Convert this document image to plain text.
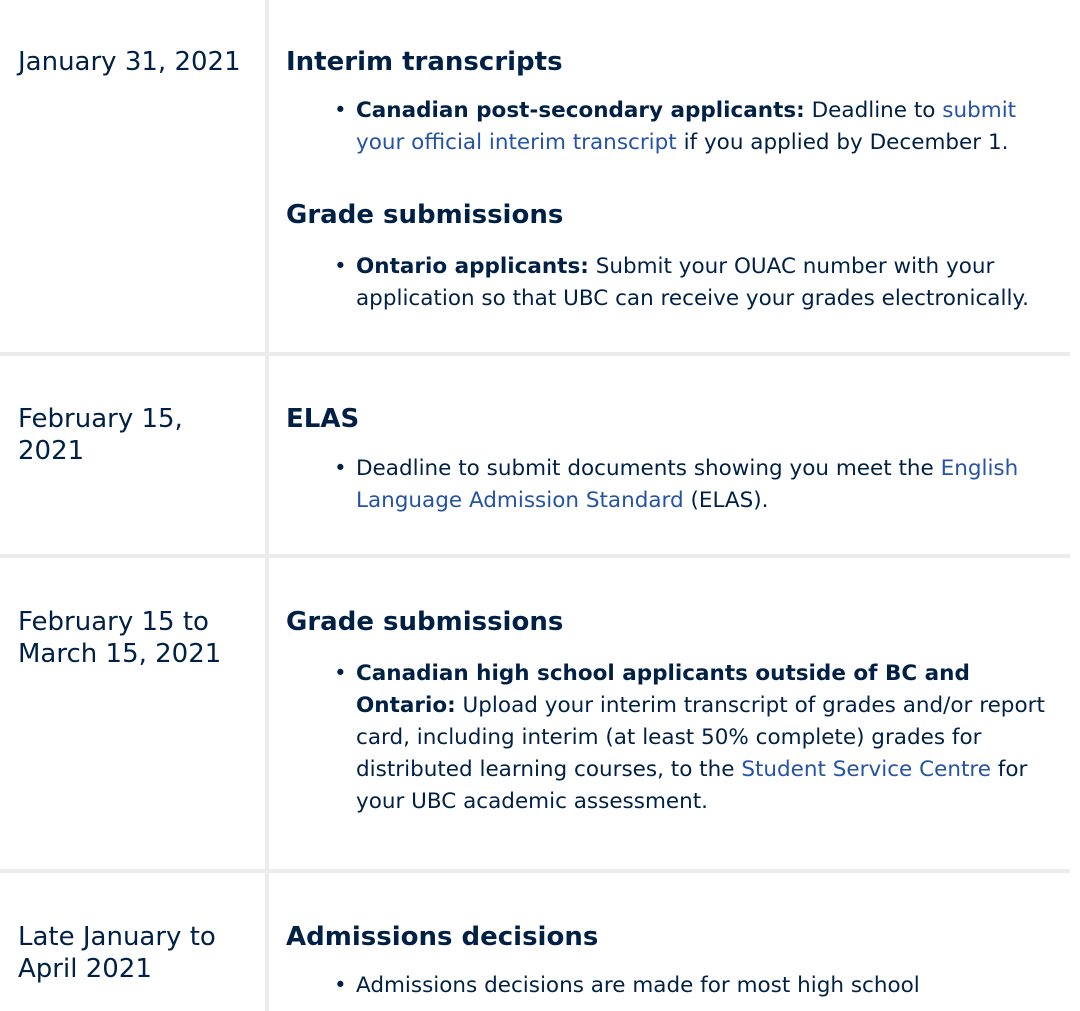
January 31, 2021 Interim transcripts
• Canadian post-secondary applicants: Deadline to submit your official interim transcript if you applied by December 1.
Grade submissions
• Ontario applicants: Submit your OUAC number with your application so that UBC can receive your grades electronically.
February 15, 2021
ELAS
• Deadline to submit documents showing you meet the English Language Admission Standard (ELAS).
February 15 to March 15, 2021
Grade submissions
• Canadian high school applicants outside of BC and Ontario: Upload your interim transcript of grades and/or report card, including interim (at least 50% complete) grades for distributed learning courses, to the Student Service Centre for your UBC academic assessment.
Late January to April 2021
Admissions decisions
• Admissions decisions are made for most high school
